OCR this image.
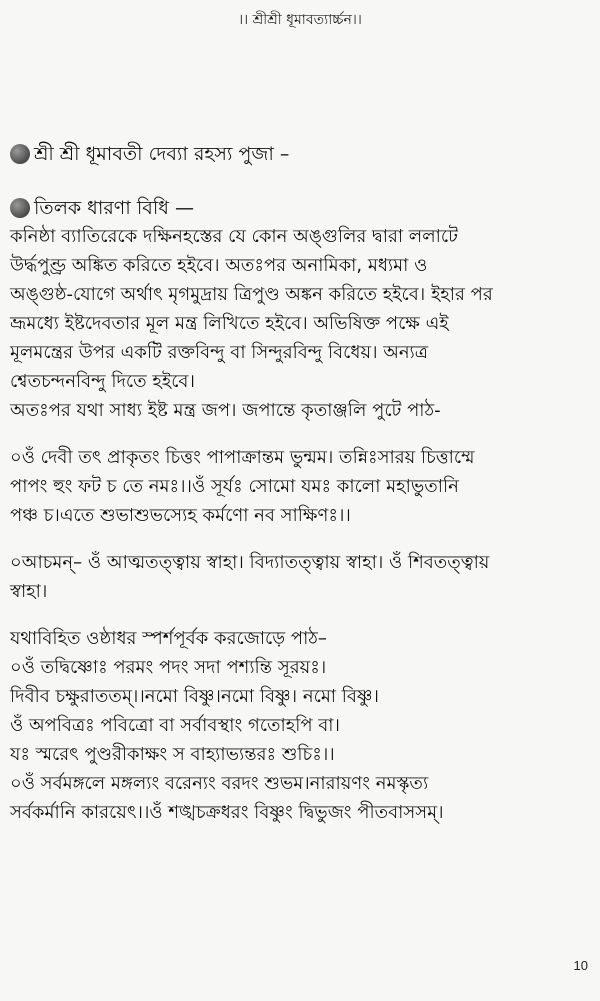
।। শ্রীশ্রী ধূমাবত্যার্চ্চন।।
শ্রী শ্রী ধূমাবতী দেব্যা রহস্য পুজা –
তিলক ধারণা বিধি —

কনিষ্ঠা ব্যাতিরেকে দক্ষিনহস্তের যে কোন অঙ্গুলির দ্বারা ললাটে

উর্দ্ধপুণ্ড্র অঙ্কিত করিতে হইবে। অতঃপর অনামিকা, মধ্যমা ও

অঙ্গুষ্ঠ-যোগে অর্থাৎ মৃগমুদ্রায় ত্রিপুণ্ড অঙ্কন করিতে হইবে। ইহার পর

ভ্রূমধ্যে ইষ্টদেবতার মূল মন্ত্র লিখিতে হইবে। অভিষিক্ত পক্ষে এই

মূলমন্ত্রের উপর একটি রক্তবিন্দু বা সিন্দুরবিন্দু বিধেয়। অন্যত্র

শ্বেতচন্দনবিন্দু দিতে হইবে।

অতঃপর যথা সাধ্য ইষ্ট মন্ত্র জপ। জপান্তে কৃতাঞ্জলি পুটে পাঠ-

০ওঁ দেবী তৎ প্রাকৃতং চিত্তং পাপাক্রান্তম ভুন্মম। তন্নিঃসারয় চিত্তাম্মে

পাপং হুং ফট চ তে নমঃ।।ওঁ সূর্যঃ সোমো যমঃ কালো মহাভুতানি

পঞ্চ চ।এতে শুভাশুভস্যেহ কর্মণো নব সাক্ষিণঃ।।

০আচমন্– ওঁ আত্মতত্ত্বায় স্বাহা। বিদ্যাতত্ত্বায় স্বাহা। ওঁ শিবতত্ত্বায়

স্বাহা।

যথাবিহিত ওষ্ঠাধর স্পর্শপূর্বক করজোড়ে পাঠ–

০ওঁ তদ্বিষ্ণোঃ পরমং পদং সদা পশ্যন্তি সূরয়ঃ।

দিবীব চক্ষুরাততম্।।নমো বিষ্ণু।নমো বিষ্ণু। নমো বিষ্ণু।

ওঁ অপবিত্রঃ পবিত্রো বা সর্বাবস্থাং গতোহপি বা।

যঃ স্মরেৎ পুণ্ডরীকাক্ষং স বাহ্যাভ্যন্তরঃ শুচিঃ।।

০ওঁ সর্বমঙ্গলে মঙ্গল্যং বরেন্যং বরদং শুভম।নারায়ণং নমস্কৃত্য

সর্বকর্মানি কারয়েৎ।।ওঁ শঙ্খচক্রধরং বিষ্ণুং দ্বিভুজং পীতবাসসম্।

10
